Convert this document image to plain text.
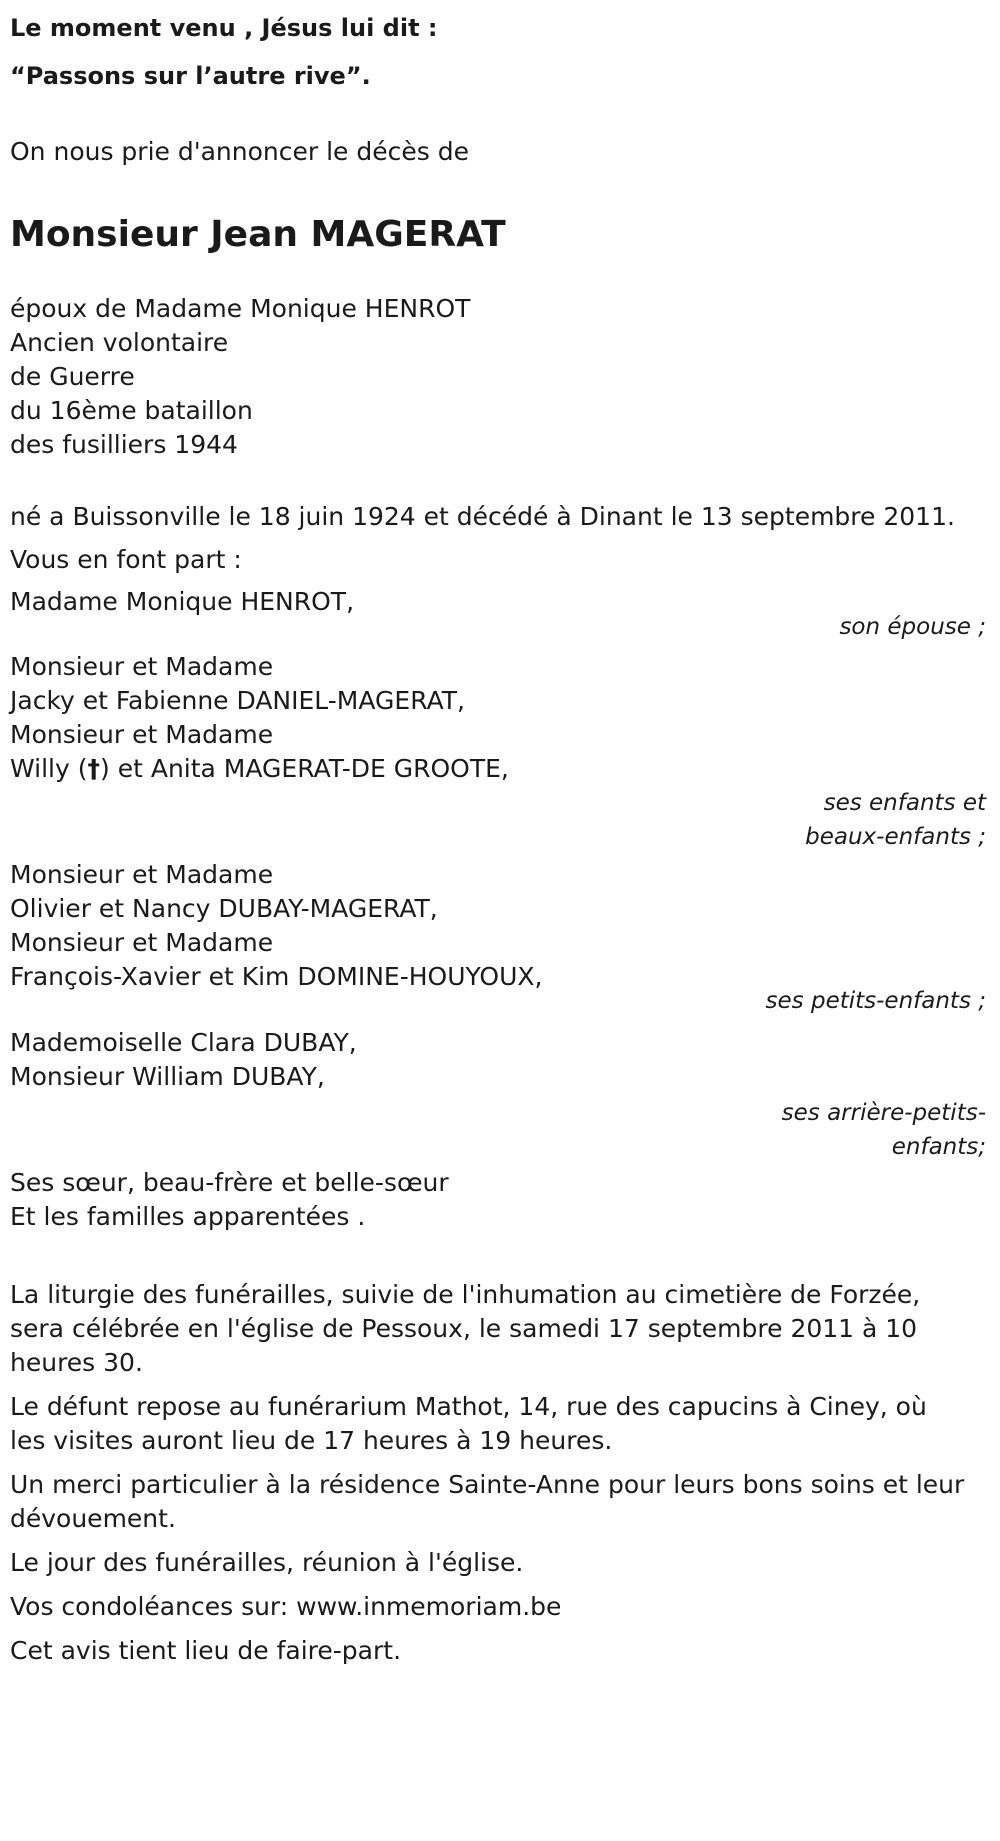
Le moment venu , Jésus lui dit :
“Passons sur l’autre rive”.
On nous prie d'annoncer le décès de
Monsieur Jean MAGERAT
époux de Madame Monique HENROT
Ancien volontaire
de Guerre
du 16ème bataillon
des fusilliers 1944
né a Buissonville le 18 juin 1924 et décédé à Dinant le 13 septembre 2011.
Vous en font part :
Madame Monique HENROT,
son épouse ;
Monsieur et Madame
Jacky et Fabienne DANIEL-MAGERAT,
Monsieur et Madame
Willy (†) et Anita MAGERAT-DE GROOTE,
ses enfants et
beaux-enfants ;
Monsieur et Madame
Olivier et Nancy DUBAY-MAGERAT,
Monsieur et Madame
François-Xavier et Kim DOMINE-HOUYOUX,
ses petits-enfants ;
Mademoiselle Clara DUBAY,
Monsieur William DUBAY,
ses arrière-petits-
enfants;
Ses sœur, beau-frère et belle-sœur
Et les familles apparentées .
La liturgie des funérailles, suivie de l'inhumation au cimetière de Forzée, sera célébrée en l'église de Pessoux, le samedi 17 septembre 2011 à 10 heures 30.
Le défunt repose au funérarium Mathot, 14, rue des capucins à Ciney, où les visites auront lieu de 17 heures à 19 heures.
Un merci particulier à la résidence Sainte-Anne pour leurs bons soins et leur dévouement.
Le jour des funérailles, réunion à l'église.
Vos condoléances sur: www.inmemoriam.be
Cet avis tient lieu de faire-part.
